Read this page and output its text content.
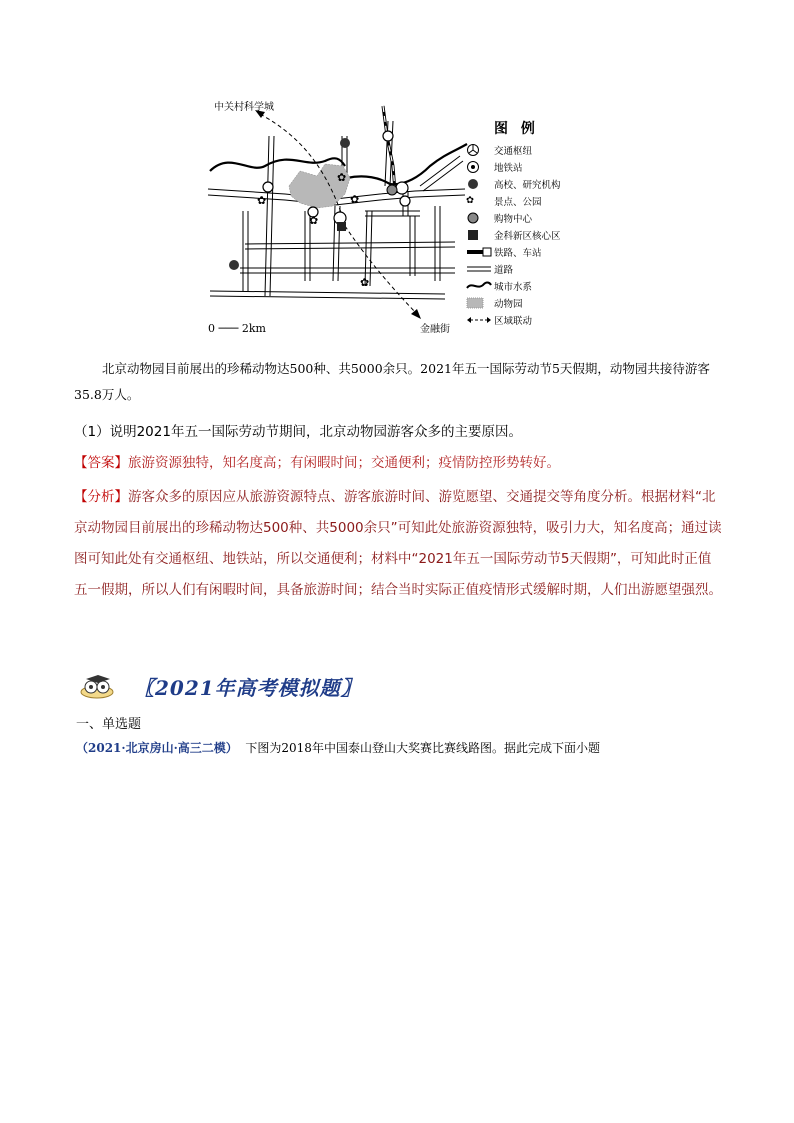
✿
✿
✿
✿
✿
中关村科学城
金融街
0 ─── 2km
图 例
交通枢纽
地铁站
高校、研究机构
✿	景点、公园
购物中心
金科新区核心区
铁路、车站
道路
城市水系
动物园
区域联动
北京动物园目前展出的珍稀动物达500种、共5000余只。2021年五一国际劳动节5天假期，动物园共接待游客35.8万人。
（1）说明2021年五一国际劳动节期间，北京动物园游客众多的主要原因。
【答案】旅游资源独特，知名度高；有闲暇时间；交通便利；疫情防控形势转好。
【分析】游客众多的原因应从旅游资源特点、游客旅游时间、游览愿望、交通提交等角度分析。根据材料“北京动物园目前展出的珍稀动物达500种、共5000余只”可知此处旅游资源独特，吸引力大，知名度高；通过读图可知此处有交通枢纽、地铁站，所以交通便利；材料中“2021年五一国际劳动节5天假期”，可知此时正值五一假期，所以人们有闲暇时间，具备旅游时间；结合当时实际正值疫情形式缓解时期，人们出游愿望强烈。
〖2021年高考模拟题〗
一、单选题
（2021·北京房山·高三二模） 下图为2018年中国泰山登山大奖赛比赛线路图。据此完成下面小题
